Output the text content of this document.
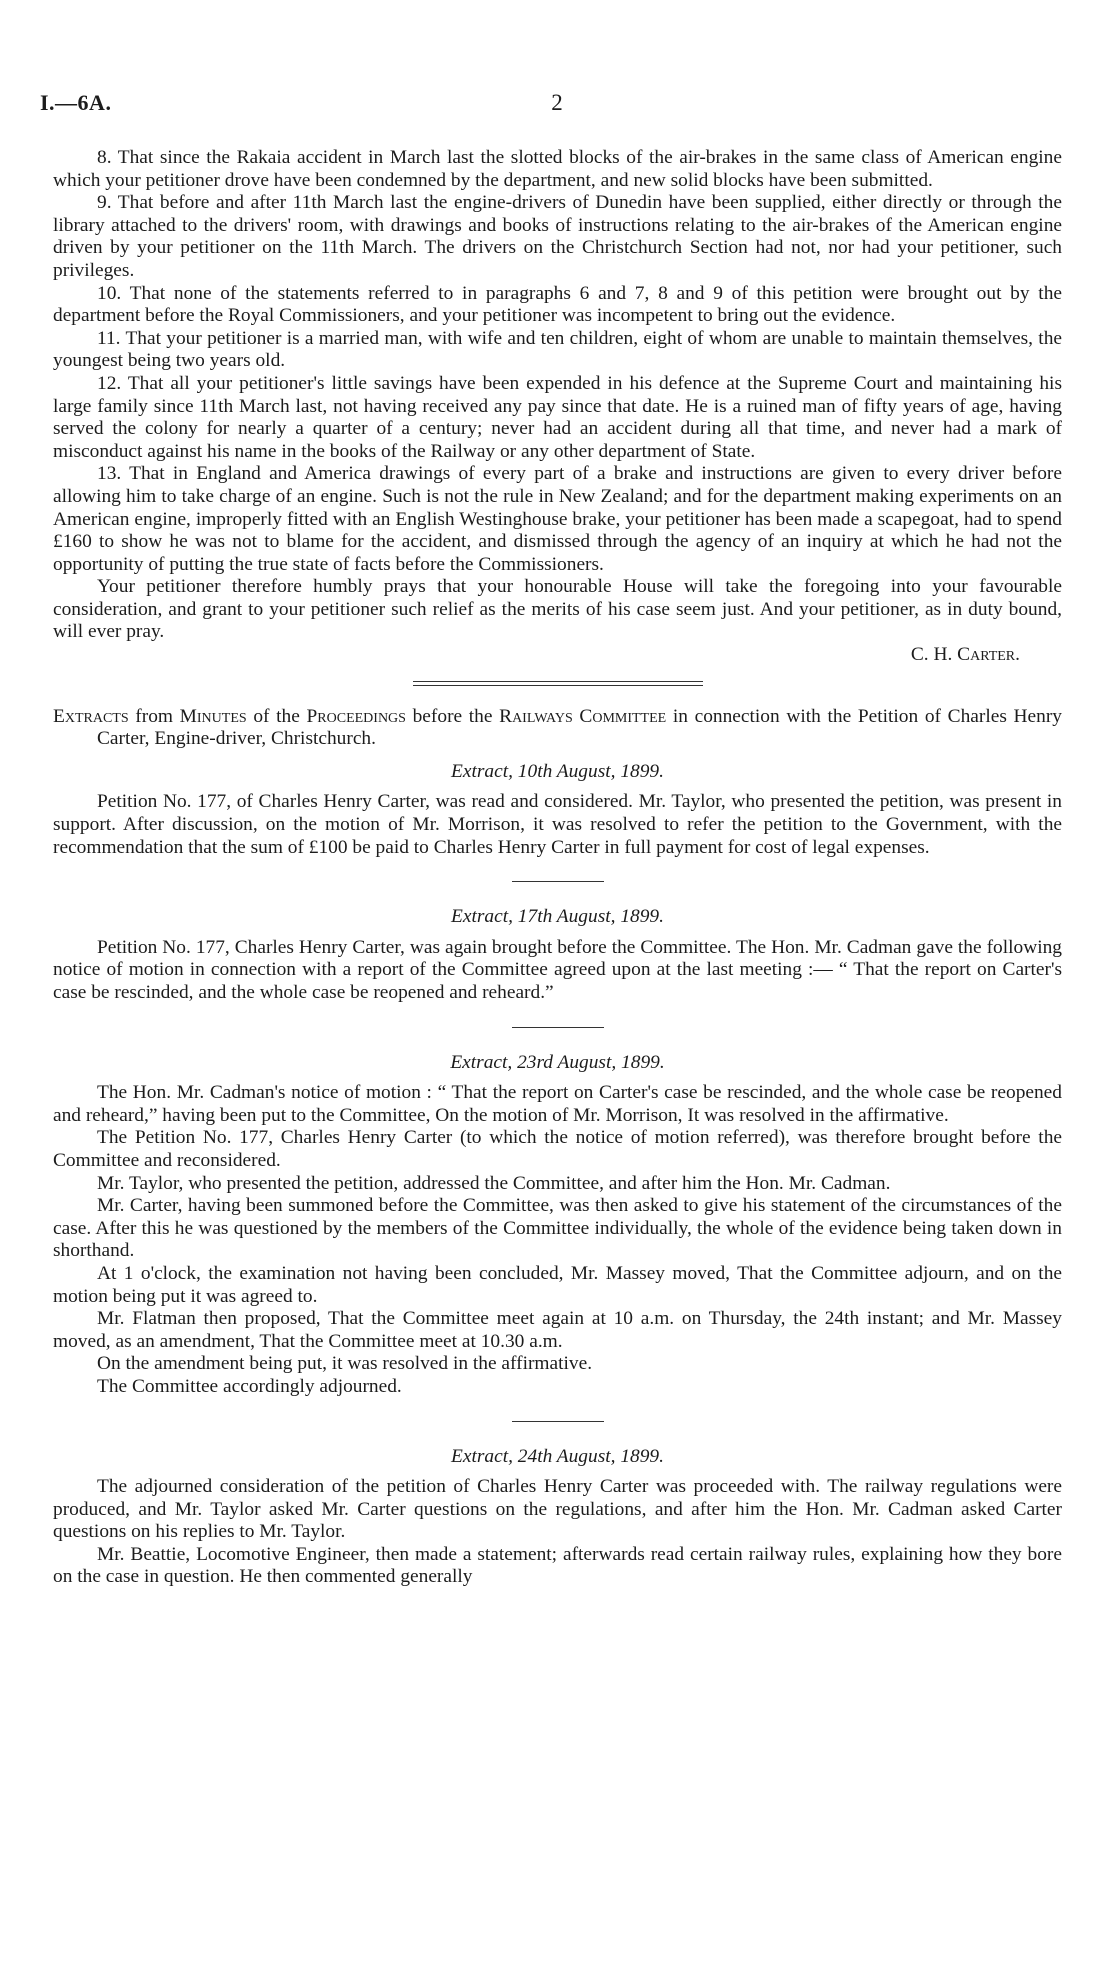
I.—6A.	2

8. That since the Rakaia accident in March last the slotted blocks of the air-brakes in the same class of American engine which your petitioner drove have been condemned by the department, and new solid blocks have been submitted.

9. That before and after 11th March last the engine-drivers of Dunedin have been supplied, either directly or through the library attached to the drivers' room, with drawings and books of instructions relating to the air-brakes of the American engine driven by your petitioner on the 11th March. The drivers on the Christchurch Section had not, nor had your petitioner, such privileges.

10. That none of the statements referred to in paragraphs 6 and 7, 8 and 9 of this petition were brought out by the department before the Royal Commissioners, and your petitioner was incompetent to bring out the evidence.

11. That your petitioner is a married man, with wife and ten children, eight of whom are unable to maintain themselves, the youngest being two years old.

12. That all your petitioner's little savings have been expended in his defence at the Supreme Court and maintaining his large family since 11th March last, not having received any pay since that date. He is a ruined man of fifty years of age, having served the colony for nearly a quarter of a century; never had an accident during all that time, and never had a mark of misconduct against his name in the books of the Railway or any other department of State.

13. That in England and America drawings of every part of a brake and instructions are given to every driver before allowing him to take charge of an engine. Such is not the rule in New Zealand; and for the department making experiments on an American engine, improperly fitted with an English Westinghouse brake, your petitioner has been made a scapegoat, had to spend £160 to show he was not to blame for the accident, and dismissed through the agency of an inquiry at which he had not the opportunity of putting the true state of facts before the Commissioners.

Your petitioner therefore humbly prays that your honourable House will take the foregoing into your favourable consideration, and grant to your petitioner such relief as the merits of his case seem just. And your petitioner, as in duty bound, will ever pray.

C. H. Carter.

Extracts from Minutes of the Proceedings before the Railways Committee in connection with the Petition of Charles Henry Carter, Engine-driver, Christchurch.

Extract, 10th August, 1899.

Petition No. 177, of Charles Henry Carter, was read and considered. Mr. Taylor, who presented the petition, was present in support. After discussion, on the motion of Mr. Morrison, it was resolved to refer the petition to the Government, with the recommendation that the sum of £100 be paid to Charles Henry Carter in full payment for cost of legal expenses.

Extract, 17th August, 1899.

Petition No. 177, Charles Henry Carter, was again brought before the Committee. The Hon. Mr. Cadman gave the following notice of motion in connection with a report of the Committee agreed upon at the last meeting :— “ That the report on Carter's case be rescinded, and the whole case be reopened and reheard.”

Extract, 23rd August, 1899.

The Hon. Mr. Cadman's notice of motion : “ That the report on Carter's case be rescinded, and the whole case be reopened and reheard,” having been put to the Committee, On the motion of Mr. Morrison, It was resolved in the affirmative.

The Petition No. 177, Charles Henry Carter (to which the notice of motion referred), was therefore brought before the Committee and reconsidered.

Mr. Taylor, who presented the petition, addressed the Committee, and after him the Hon. Mr. Cadman.

Mr. Carter, having been summoned before the Committee, was then asked to give his statement of the circumstances of the case. After this he was questioned by the members of the Committee individually, the whole of the evidence being taken down in shorthand.

At 1 o'clock, the examination not having been concluded, Mr. Massey moved, That the Committee adjourn, and on the motion being put it was agreed to.

Mr. Flatman then proposed, That the Committee meet again at 10 a.m. on Thursday, the 24th instant; and Mr. Massey moved, as an amendment, That the Committee meet at 10.30 a.m.

On the amendment being put, it was resolved in the affirmative.

The Committee accordingly adjourned.

Extract, 24th August, 1899.

The adjourned consideration of the petition of Charles Henry Carter was proceeded with. The railway regulations were produced, and Mr. Taylor asked Mr. Carter questions on the regulations, and after him the Hon. Mr. Cadman asked Carter questions on his replies to Mr. Taylor.

Mr. Beattie, Locomotive Engineer, then made a statement; afterwards read certain railway rules, explaining how they bore on the case in question. He then commented generally
